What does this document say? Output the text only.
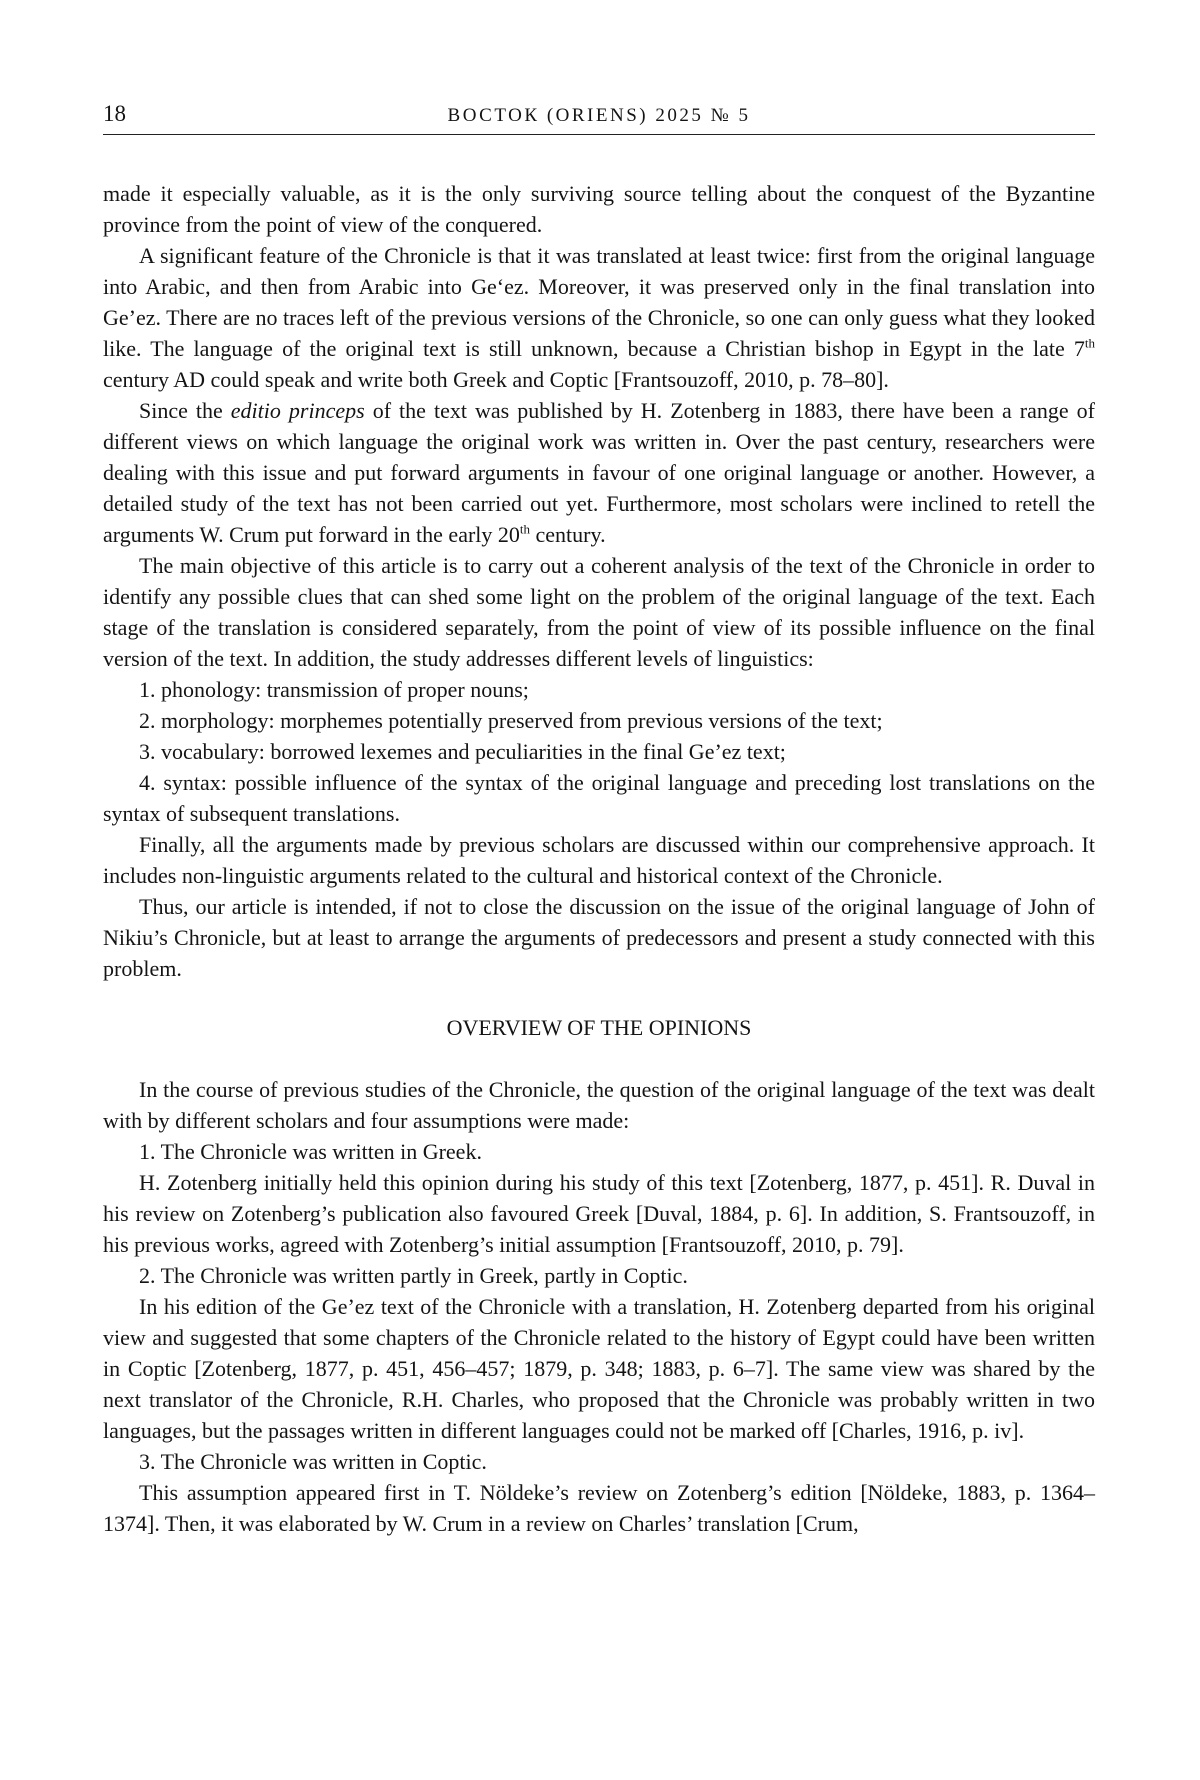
18	ВОСТОК (ORIENS) 2025 № 5

made it especially valuable, as it is the only surviving source telling about the conquest of the Byzantine province from the point of view of the conquered.

A significant feature of the Chronicle is that it was translated at least twice: first from the original language into Arabic, and then from Arabic into Ge‘ez. Moreover, it was preserved only in the final translation into Ge’ez. There are no traces left of the previous versions of the Chronicle, so one can only guess what they looked like. The language of the original text is still unknown, because a Christian bishop in Egypt in the late 7th century AD could speak and write both Greek and Coptic [Frantsouzoff, 2010, p. 78–80].

Since the editio princeps of the text was published by H. Zotenberg in 1883, there have been a range of different views on which language the original work was written in. Over the past century, researchers were dealing with this issue and put forward arguments in favour of one original language or another. However, a detailed study of the text has not been carried out yet. Furthermore, most scholars were inclined to retell the arguments W. Crum put forward in the early 20th century.

The main objective of this article is to carry out a coherent analysis of the text of the Chronicle in order to identify any possible clues that can shed some light on the problem of the original language of the text. Each stage of the translation is considered separately, from the point of view of its possible influence on the final version of the text. In addition, the study addresses different levels of linguistics:

1. phonology: transmission of proper nouns;

2. morphology: morphemes potentially preserved from previous versions of the text;

3. vocabulary: borrowed lexemes and peculiarities in the final Ge’ez text;

4. syntax: possible influence of the syntax of the original language and preceding lost translations on the syntax of subsequent translations.

Finally, all the arguments made by previous scholars are discussed within our comprehensive approach. It includes non-linguistic arguments related to the cultural and historical context of the Chronicle.

Thus, our article is intended, if not to close the discussion on the issue of the original language of John of Nikiu’s Chronicle, but at least to arrange the arguments of predecessors and present a study connected with this problem.

OVERVIEW OF THE OPINIONS

In the course of previous studies of the Chronicle, the question of the original language of the text was dealt with by different scholars and four assumptions were made:

1. The Chronicle was written in Greek.

H. Zotenberg initially held this opinion during his study of this text [Zotenberg, 1877, p. 451]. R. Duval in his review on Zotenberg’s publication also favoured Greek [Duval, 1884, p. 6]. In addition, S. Frantsouzoff, in his previous works, agreed with Zotenberg’s initial assumption [Frantsouzoff, 2010, p. 79].

2. The Chronicle was written partly in Greek, partly in Coptic.

In his edition of the Ge’ez text of the Chronicle with a translation, H. Zotenberg departed from his original view and suggested that some chapters of the Chronicle related to the history of Egypt could have been written in Coptic [Zotenberg, 1877, p. 451, 456–457; 1879, p. 348; 1883, p. 6–7]. The same view was shared by the next translator of the Chronicle, R.H. Charles, who proposed that the Chronicle was probably written in two languages, but the passages written in different languages could not be marked off [Charles, 1916, p. iv].

3. The Chronicle was written in Coptic.

This assumption appeared first in T. Nöldeke’s review on Zotenberg’s edition [Nöldeke, 1883, p. 1364–1374]. Then, it was elaborated by W. Crum in a review on Charles’ translation [Crum,
